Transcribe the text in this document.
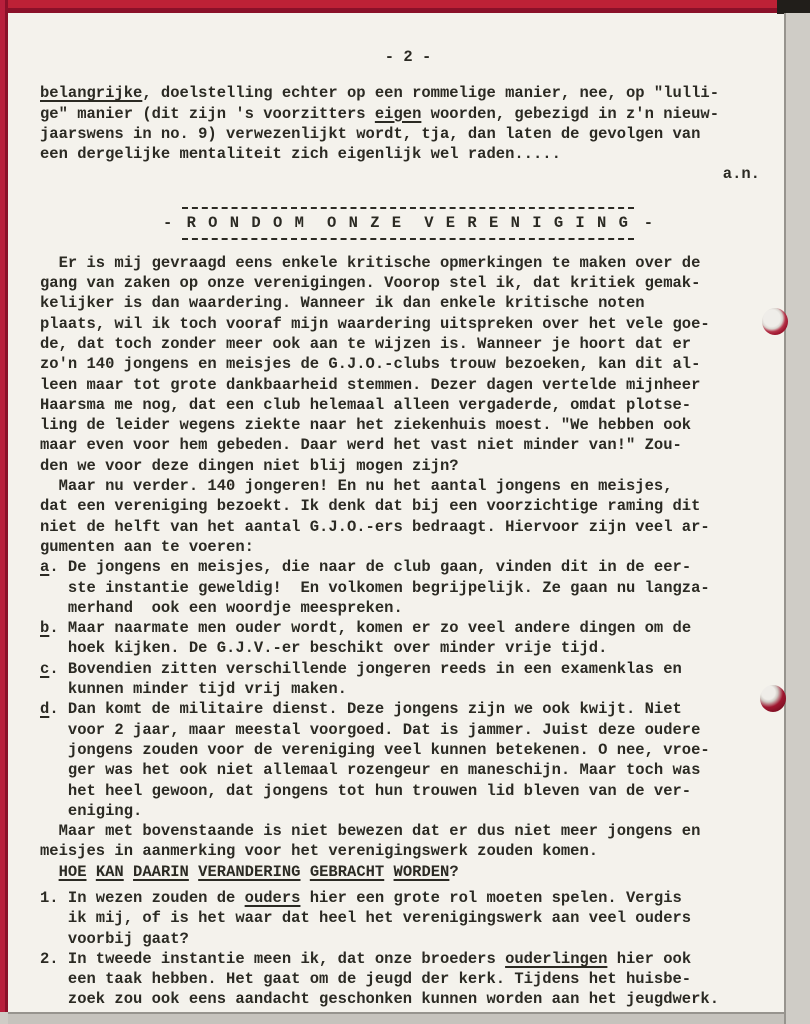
- 2 -
belangrijke, doelstelling echter op een rommelige manier, nee, op "lulli-
ge" manier (dit zijn 's voorzitters eigen woorden, gebezigd in z'n nieuw-
jaarswens in no. 9) verwezenlijkt wordt, tja, dan laten de gevolgen van
een dergelijke mentaliteit zich eigenlijk wel raden.....
a.n.
- R O N D O M  O N Z E  V E R E N I G I N G -
Er is mij gevraagd eens enkele kritische opmerkingen te maken over de
gang van zaken op onze verenigingen. Voorop stel ik, dat kritiek gemak-
kelijker is dan waardering. Wanneer ik dan enkele kritische noten
plaats, wil ik toch vooraf mijn waardering uitspreken over het vele goe-
de, dat toch zonder meer ook aan te wijzen is. Wanneer je hoort dat er
zo'n 140 jongens en meisjes de G.J.O.-clubs trouw bezoeken, kan dit al-
leen maar tot grote dankbaarheid stemmen. Dezer dagen vertelde mijnheer
Haarsma me nog, dat een club helemaal alleen vergaderde, omdat plotse-
ling de leider wegens ziekte naar het ziekenhuis moest. "We hebben ook
maar even voor hem gebeden. Daar werd het vast niet minder van!" Zou-
den we voor deze dingen niet blij mogen zijn?
Maar nu verder. 140 jongeren! En nu het aantal jongens en meisjes,
dat een vereniging bezoekt. Ik denk dat bij een voorzichtige raming dit
niet de helft van het aantal G.J.O.-ers bedraagt. Hiervoor zijn veel ar-
gumenten aan te voeren:
a. De jongens en meisjes, die naar de club gaan, vinden dit in de eer-
ste instantie geweldig!  En volkomen begrijpelijk. Ze gaan nu langza-
merhand  ook een woordje meespreken.
b. Maar naarmate men ouder wordt, komen er zo veel andere dingen om de
hoek kijken. De G.J.V.-er beschikt over minder vrije tijd.
c. Bovendien zitten verschillende jongeren reeds in een examenklas en
kunnen minder tijd vrij maken.
d. Dan komt de militaire dienst. Deze jongens zijn we ook kwijt. Niet
voor 2 jaar, maar meestal voorgoed. Dat is jammer. Juist deze oudere
jongens zouden voor de vereniging veel kunnen betekenen. O nee, vroe-
ger was het ook niet allemaal rozengeur en maneschijn. Maar toch was
het heel gewoon, dat jongens tot hun trouwen lid bleven van de ver-
eniging.
Maar met bovenstaande is niet bewezen dat er dus niet meer jongens en
meisjes in aanmerking voor het verenigingswerk zouden komen.
HOE KAN DAARIN VERANDERING GEBRACHT WORDEN?
1. In wezen zouden de ouders hier een grote rol moeten spelen. Vergis
ik mij, of is het waar dat heel het verenigingswerk aan veel ouders
voorbij gaat?
2. In tweede instantie meen ik, dat onze broeders ouderlingen hier ook
een taak hebben. Het gaat om de jeugd der kerk. Tijdens het huisbe-
zoek zou ook eens aandacht geschonken kunnen worden aan het jeugdwerk.
